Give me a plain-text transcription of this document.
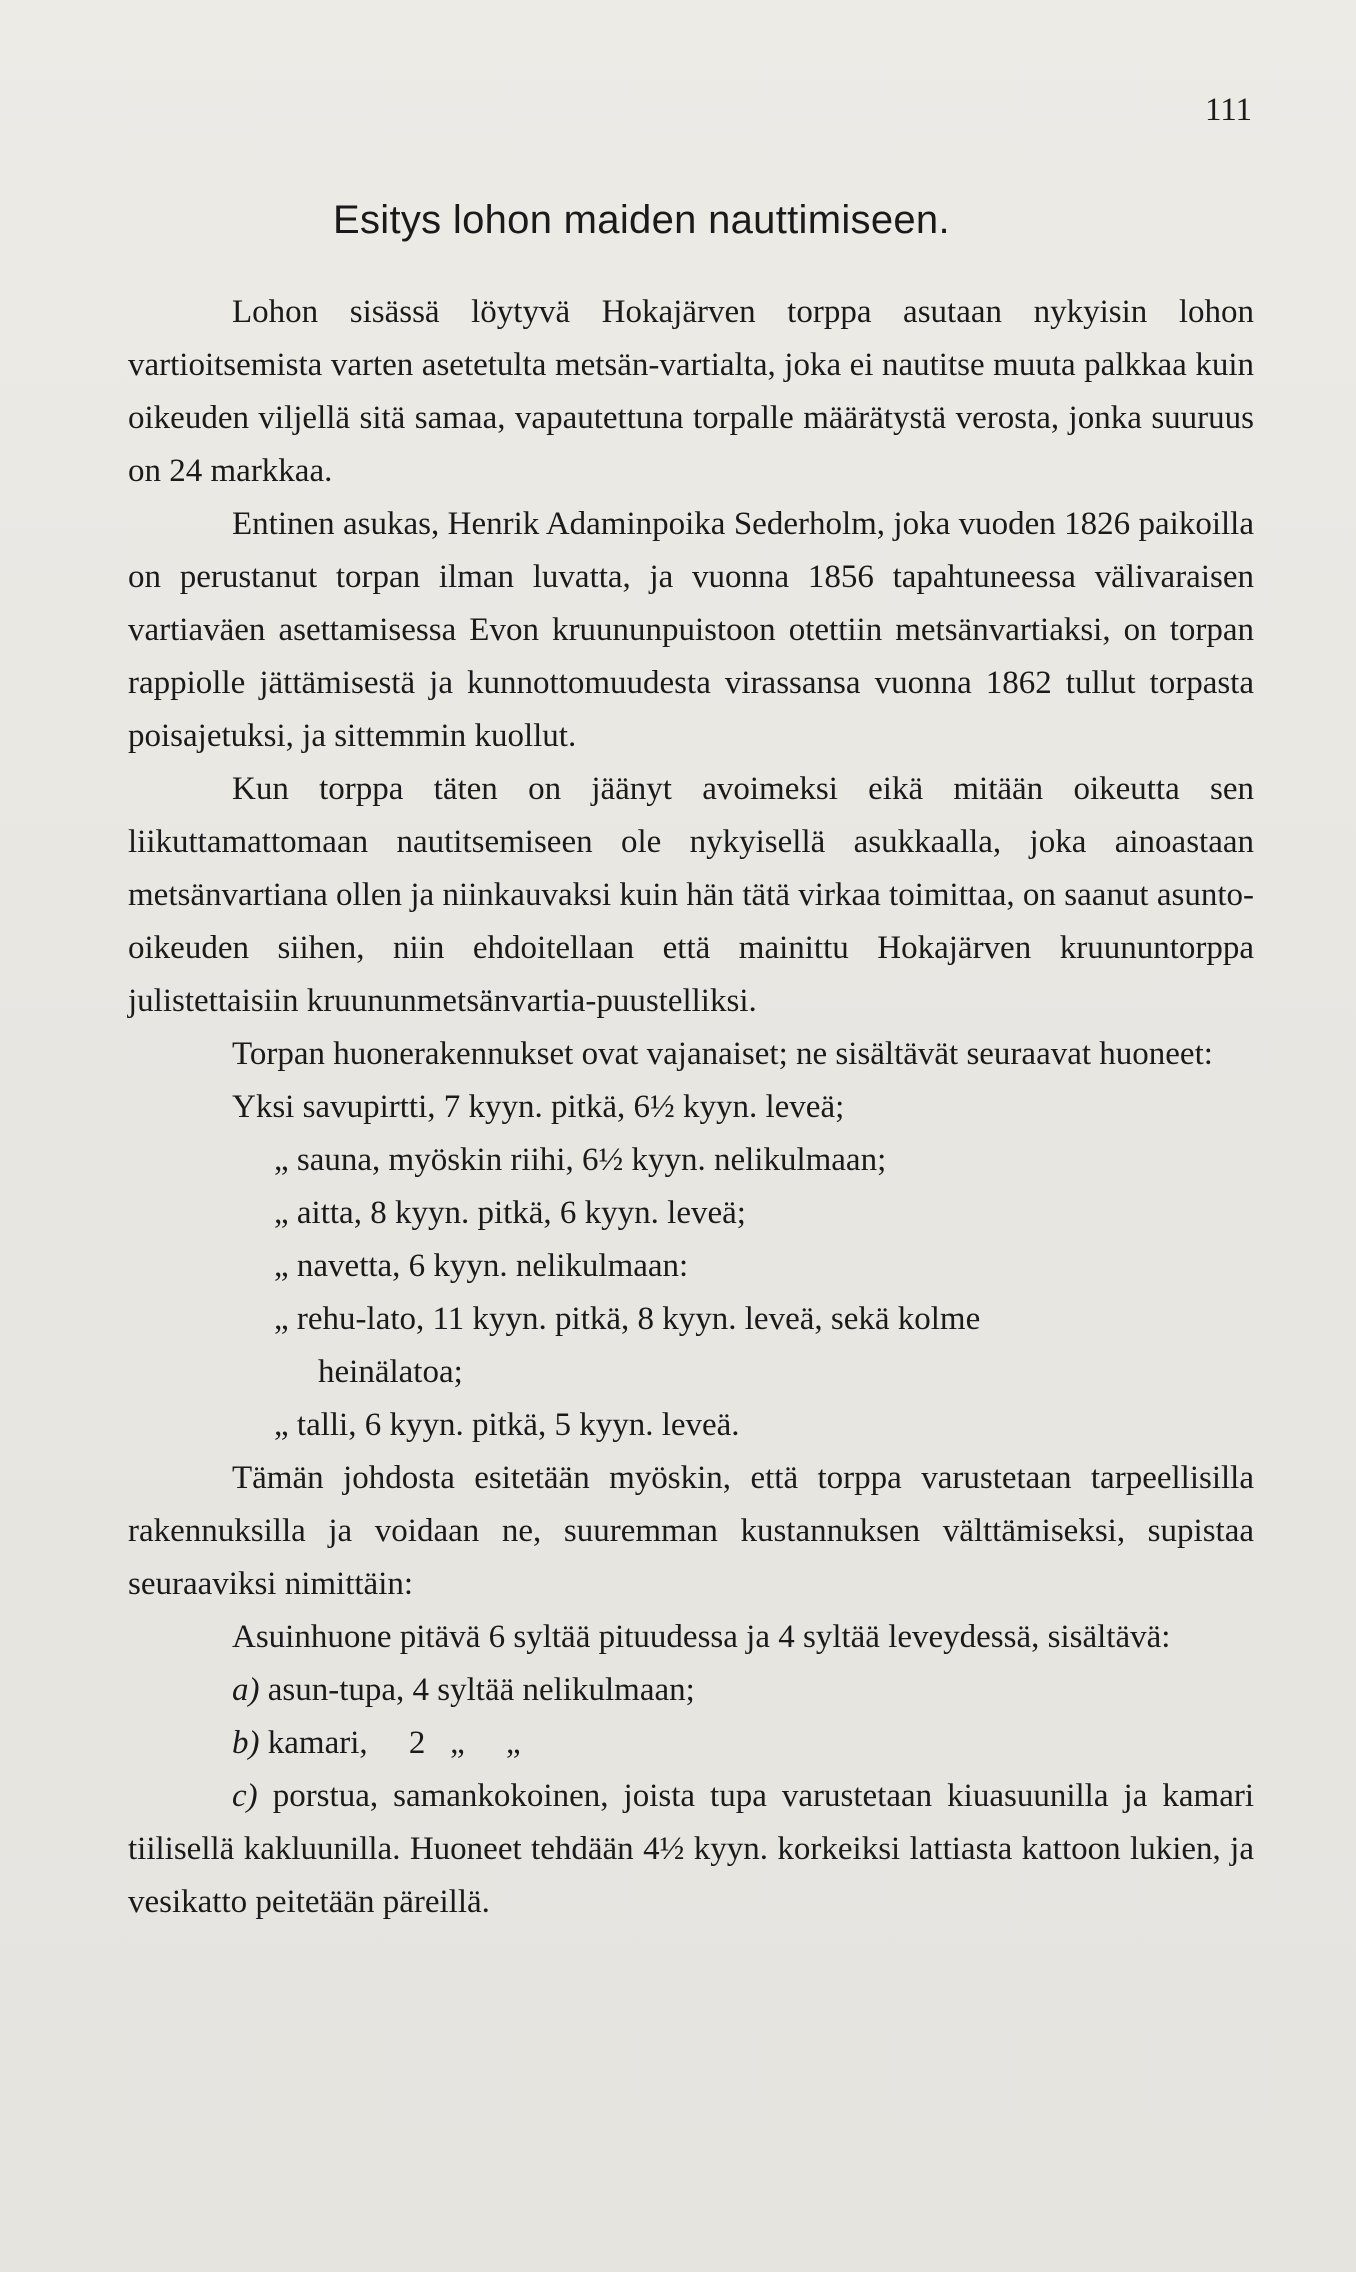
111
Esitys lohon maiden nauttimiseen.

Lohon sisässä löytyvä Hokajärven torppa asutaan nykyisin lohon vartioitsemista varten asetetulta metsän-vartialta, joka ei nautitse muuta palkkaa kuin oikeuden viljellä sitä samaa, vapautettuna torpalle määrätystä verosta, jonka suuruus on 24 markkaa.

Entinen asukas, Henrik Adaminpoika Sederholm, joka vuoden 1826 paikoilla on perustanut torpan ilman luvatta, ja vuonna 1856 tapahtuneessa välivaraisen vartiaväen asettamisessa Evon kruununpuistoon otettiin metsänvartiaksi, on torpan rappiolle jättämisestä ja kunnottomuudesta virassansa vuonna 1862 tullut torpasta poisajetuksi, ja sittemmin kuollut.

Kun torppa täten on jäänyt avoimeksi eikä mitään oikeutta sen liikuttamattomaan nautitsemiseen ole nykyisellä asukkaalla, joka ainoastaan metsänvartiana ollen ja niinkauvaksi kuin hän tätä virkaa toimittaa, on saanut asunto-oikeuden siihen, niin ehdoitellaan että mainittu Hokajärven kruununtorppa julistettaisiin kruununmetsänvartia-puustelliksi.

Torpan huonerakennukset ovat vajanaiset; ne sisältävät seuraavat huoneet:

Yksi savupirtti, 7 kyyn. pitkä, 6½ kyyn. leveä;

„ sauna, myöskin riihi, 6½ kyyn. nelikulmaan;

„ aitta, 8 kyyn. pitkä, 6 kyyn. leveä;

„ navetta, 6 kyyn. nelikulmaan:

„ rehu-lato, 11 kyyn. pitkä, 8 kyyn. leveä, sekä kolme

heinälatoa;

„ talli, 6 kyyn. pitkä, 5 kyyn. leveä.

Tämän johdosta esitetään myöskin, että torppa varustetaan tarpeellisilla rakennuksilla ja voidaan ne, suuremman kustannuksen välttämiseksi, supistaa seuraaviksi nimittäin:

Asuinhuone pitävä 6 syltää pituudessa ja 4 syltää leveydessä, sisältävä:

a) asun-tupa, 4 syltää nelikulmaan;

b) kamari,     2   „     „

c) porstua, samankokoinen, joista tupa varustetaan kiuasuunilla ja kamari tiilisellä kakluunilla. Huoneet tehdään 4½ kyyn. korkeiksi lattiasta kattoon lukien, ja vesikatto peitetään päreillä.
